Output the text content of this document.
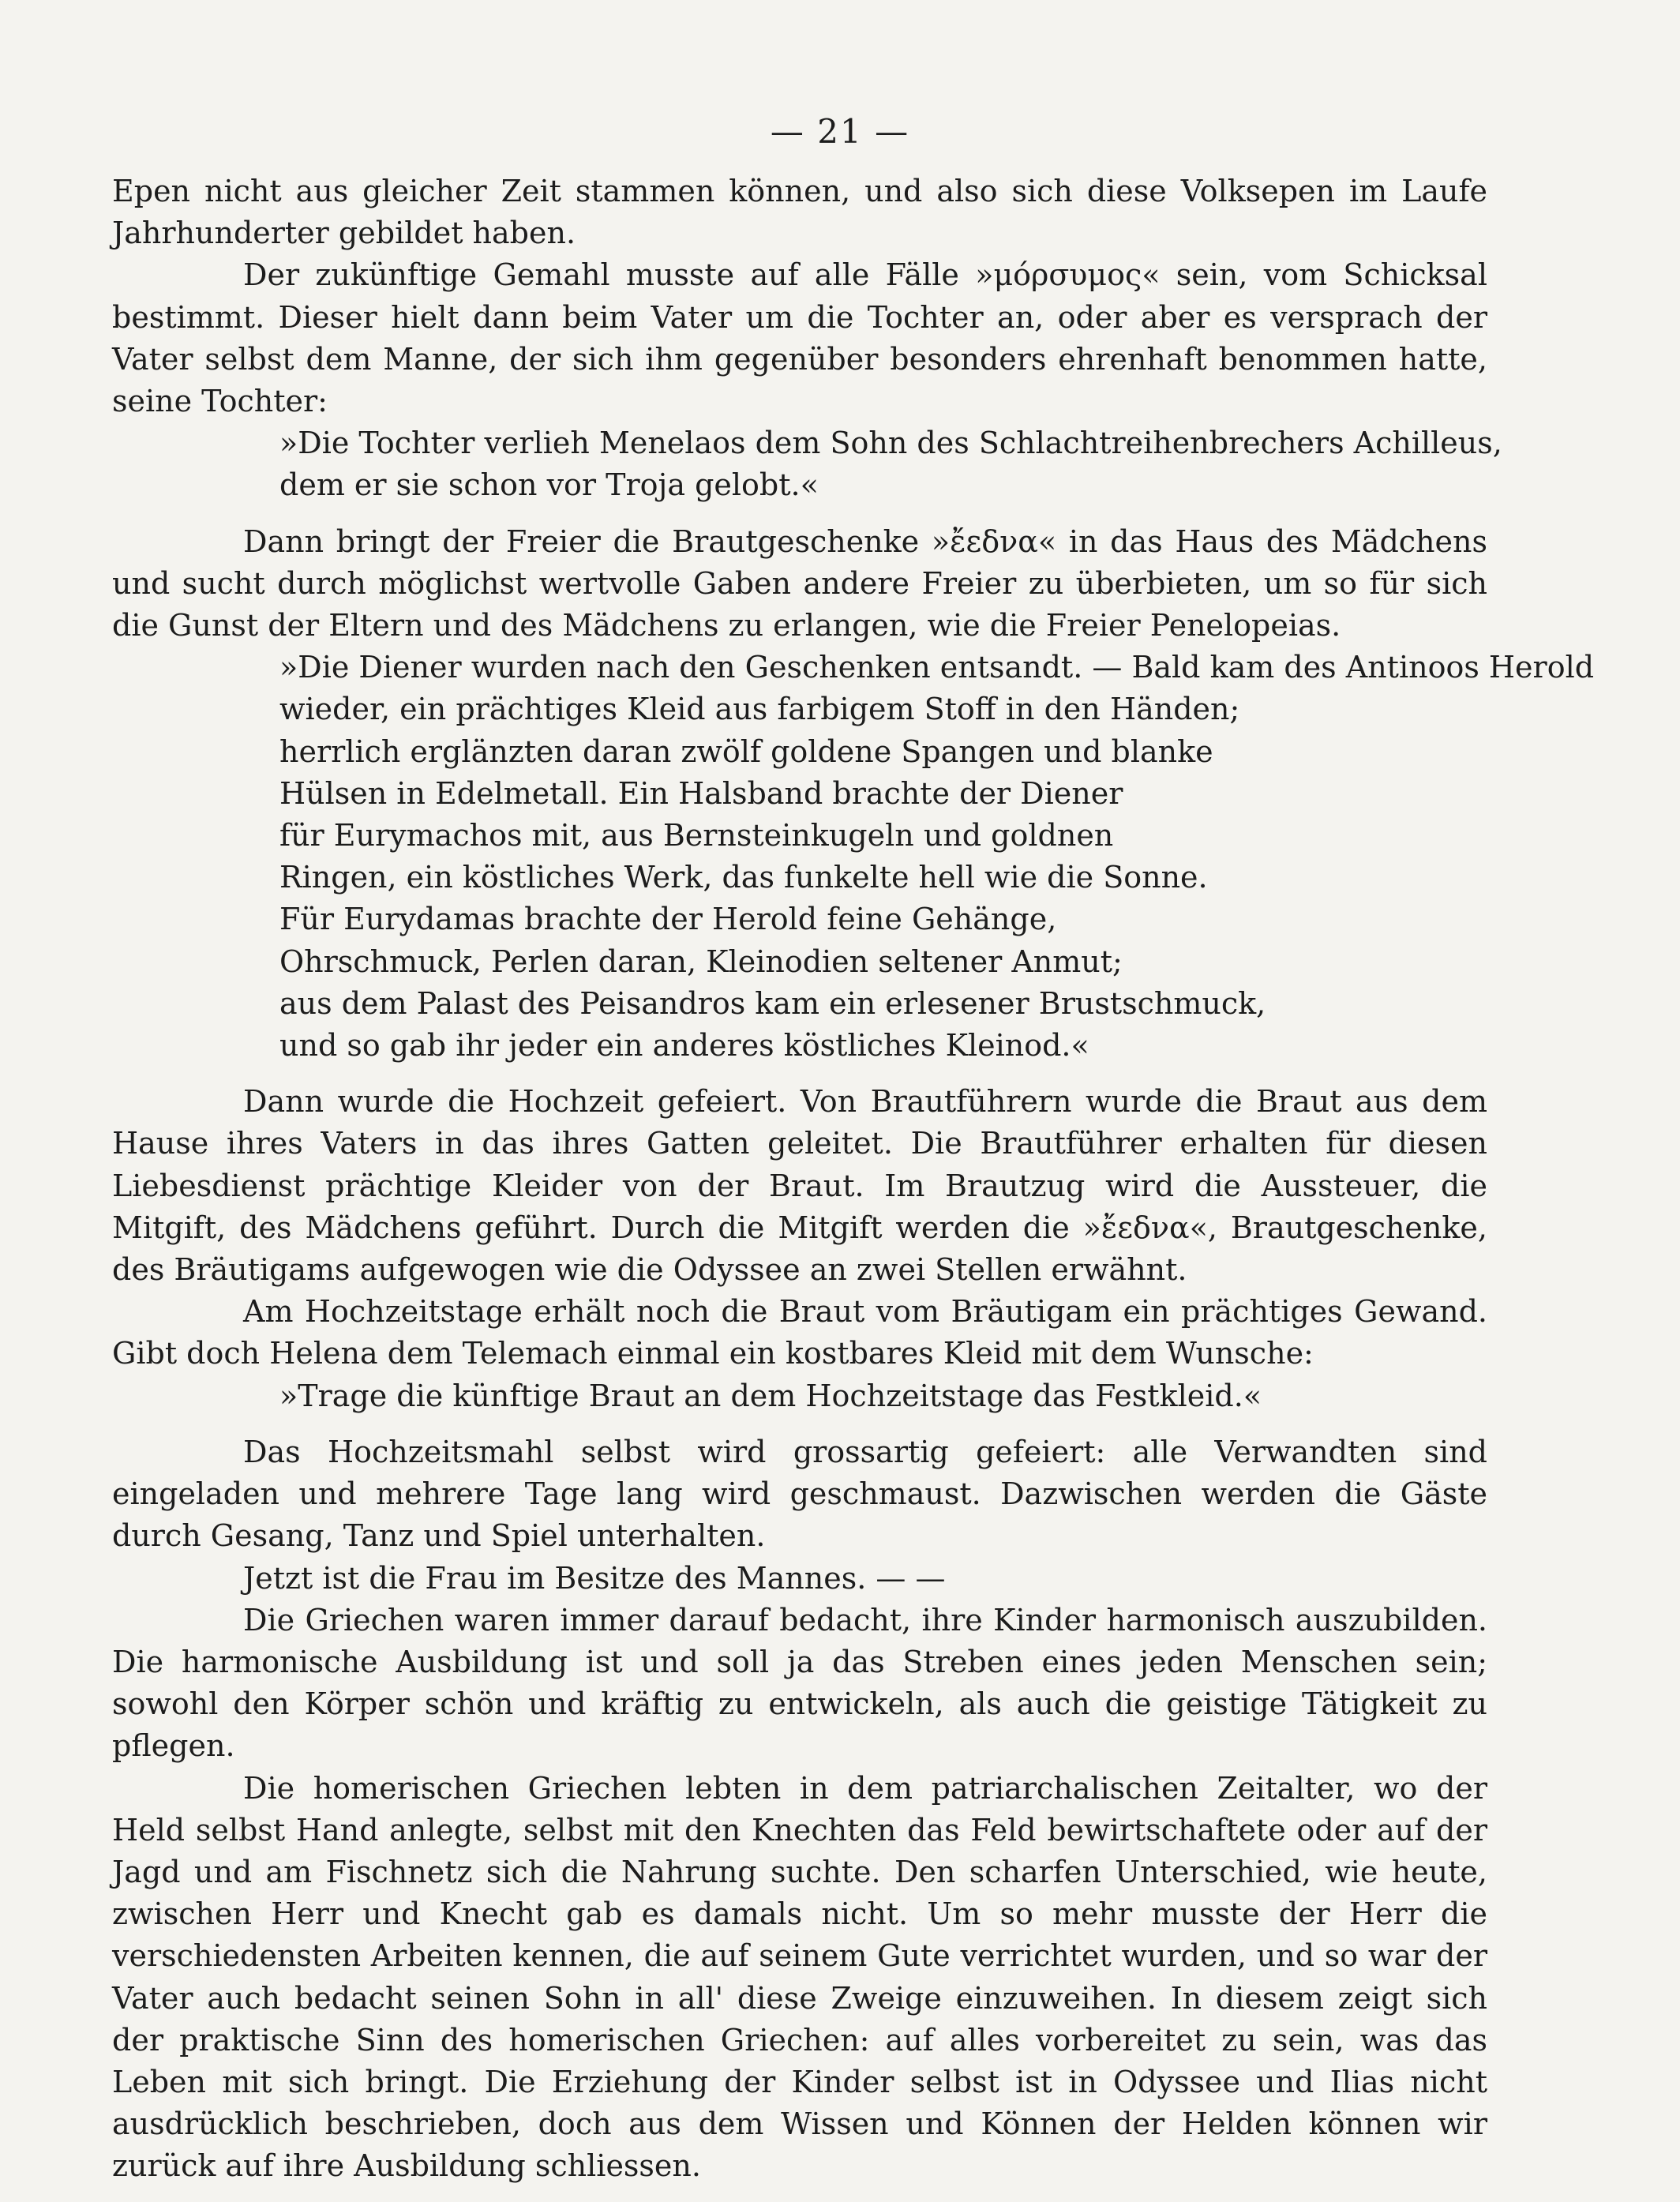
— 21 —

Epen nicht aus gleicher Zeit stammen können, und also sich diese Volksepen im Laufe Jahrhunderter gebildet haben.

Der zukünftige Gemahl musste auf alle Fälle »μόρσυμος« sein, vom Schicksal bestimmt. Dieser hielt dann beim Vater um die Tochter an, oder aber es versprach der Vater selbst dem Manne, der sich ihm gegenüber besonders ehrenhaft benommen hatte, seine Tochter:

»Die Tochter verlieh Menelaos dem Sohn des Schlachtreihenbrechers Achilleus,

dem er sie schon vor Troja gelobt.«

Dann bringt der Freier die Brautgeschenke »ἔεδνα« in das Haus des Mädchens und sucht durch möglichst wertvolle Gaben andere Freier zu überbieten, um so für sich die Gunst der Eltern und des Mädchens zu erlangen, wie die Freier Penelopeias.

»Die Diener wurden nach den Geschenken entsandt. — Bald kam des Antinoos Herold

wieder, ein prächtiges Kleid aus farbigem Stoff in den Händen;

herrlich erglänzten daran zwölf goldene Spangen und blanke

Hülsen in Edelmetall. Ein Halsband brachte der Diener

für Eurymachos mit, aus Bernsteinkugeln und goldnen

Ringen, ein köstliches Werk, das funkelte hell wie die Sonne.

Für Eurydamas brachte der Herold feine Gehänge,

Ohrschmuck, Perlen daran, Kleinodien seltener Anmut;

aus dem Palast des Peisandros kam ein erlesener Brustschmuck,

und so gab ihr jeder ein anderes köstliches Kleinod.«

Dann wurde die Hochzeit gefeiert. Von Brautführern wurde die Braut aus dem Hause ihres Vaters in das ihres Gatten geleitet. Die Brautführer erhalten für diesen Liebesdienst prächtige Kleider von der Braut. Im Brautzug wird die Aussteuer, die Mitgift, des Mädchens geführt. Durch die Mitgift werden die »ἔεδνα«, Brautgeschenke, des Bräutigams aufgewogen wie die Odyssee an zwei Stellen erwähnt.

Am Hochzeitstage erhält noch die Braut vom Bräutigam ein prächtiges Gewand. Gibt doch Helena dem Telemach einmal ein kostbares Kleid mit dem Wunsche:

»Trage die künftige Braut an dem Hochzeitstage das Festkleid.«

Das Hochzeitsmahl selbst wird grossartig gefeiert: alle Verwandten sind eingeladen und mehrere Tage lang wird geschmaust. Dazwischen werden die Gäste durch Gesang, Tanz und Spiel unterhalten.

Jetzt ist die Frau im Besitze des Mannes. — —

Die Griechen waren immer darauf bedacht, ihre Kinder harmonisch auszubilden. Die harmonische Ausbildung ist und soll ja das Streben eines jeden Menschen sein; sowohl den Körper schön und kräftig zu entwickeln, als auch die geistige Tätigkeit zu pflegen.

Die homerischen Griechen lebten in dem patriarchalischen Zeitalter, wo der Held selbst Hand anlegte, selbst mit den Knechten das Feld bewirtschaftete oder auf der Jagd und am Fischnetz sich die Nahrung suchte. Den scharfen Unterschied, wie heute, zwischen Herr und Knecht gab es damals nicht. Um so mehr musste der Herr die verschiedensten Arbeiten kennen, die auf seinem Gute verrichtet wurden, und so war der Vater auch bedacht seinen Sohn in all' diese Zweige einzuweihen. In diesem zeigt sich der praktische Sinn des homerischen Griechen: auf alles vorbereitet zu sein, was das Leben mit sich bringt. Die Erziehung der Kinder selbst ist in Odyssee und Ilias nicht ausdrücklich beschrieben, doch aus dem Wissen und Können der Helden können wir zurück auf ihre Ausbildung schliessen.
